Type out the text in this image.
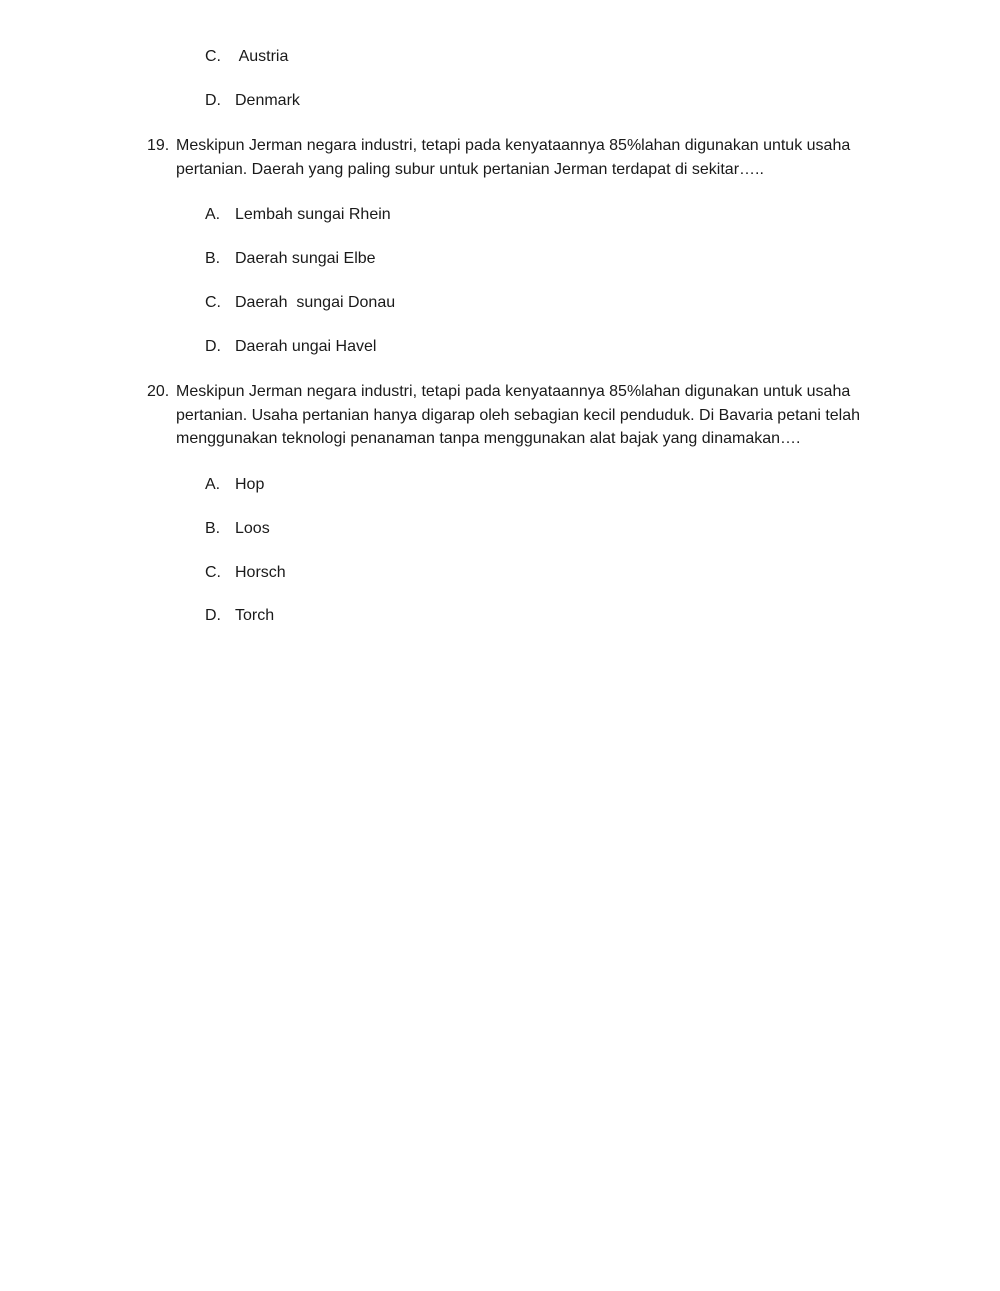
C. Austria
D. Denmark
19. Meskipun Jerman negara industri, tetapi pada kenyataannya 85%lahan digunakan untuk usaha
pertanian. Daerah yang paling subur untuk pertanian Jerman terdapat di sekitar…..
A. Lembah sungai Rhein
B. Daerah sungai Elbe
C. Daerah  sungai Donau
D. Daerah ungai Havel
20. Meskipun Jerman negara industri, tetapi pada kenyataannya 85%lahan digunakan untuk usaha
pertanian. Usaha pertanian hanya digarap oleh sebagian kecil penduduk. Di Bavaria petani telah
menggunakan teknologi penanaman tanpa menggunakan alat bajak yang dinamakan….
A. Hop
B. Loos
C. Horsch
D. Torch
